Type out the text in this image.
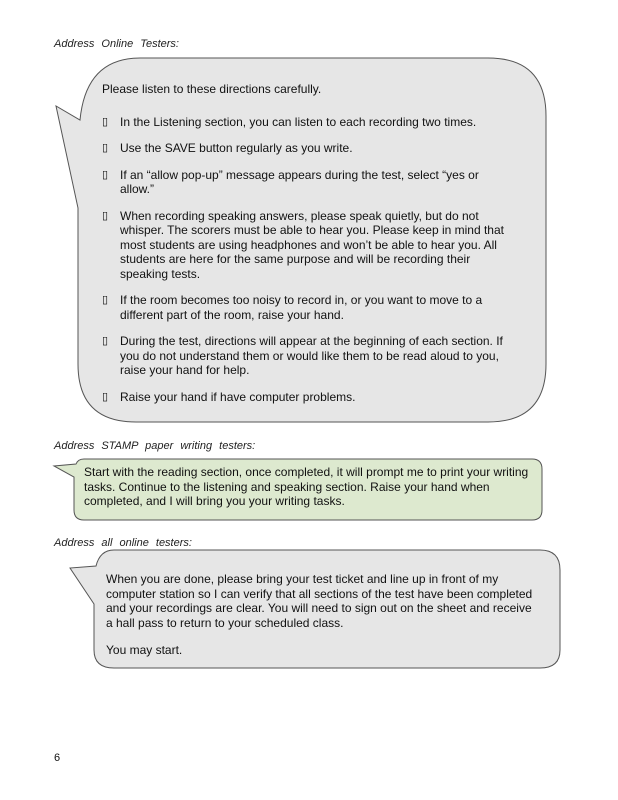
Address Online Testers:

Please listen to these directions carefully.

▯ In the Listening section, you can listen to each recording two times.
▯ Use the SAVE button regularly as you write.
▯ If an “allow pop-up” message appears during the test, select “yes or allow.”
▯ When recording speaking answers, please speak quietly, but do not whisper. The scorers must be able to hear you. Please keep in mind that most students are using headphones and won’t be able to hear you. All students are here for the same purpose and will be recording their speaking tests.
▯ If the room becomes too noisy to record in, or you want to move to a different part of the room, raise your hand.
▯ During the test, directions will appear at the beginning of each section. If you do not understand them or would like them to be read aloud to you, raise your hand for help.
▯ Raise your hand if have computer problems.
Address STAMP paper writing testers:
Start with the reading section, once completed, it will prompt me to print your writing tasks. Continue to the listening and speaking section. Raise your hand when completed, and I will bring you your writing tasks.
Address all online testers:

When you are done, please bring your test ticket and line up in front of my computer station so I can verify that all sections of the test have been completed and your recordings are clear. You will need to sign out on the sheet and receive a hall pass to return to your scheduled class.

You may start.

6
